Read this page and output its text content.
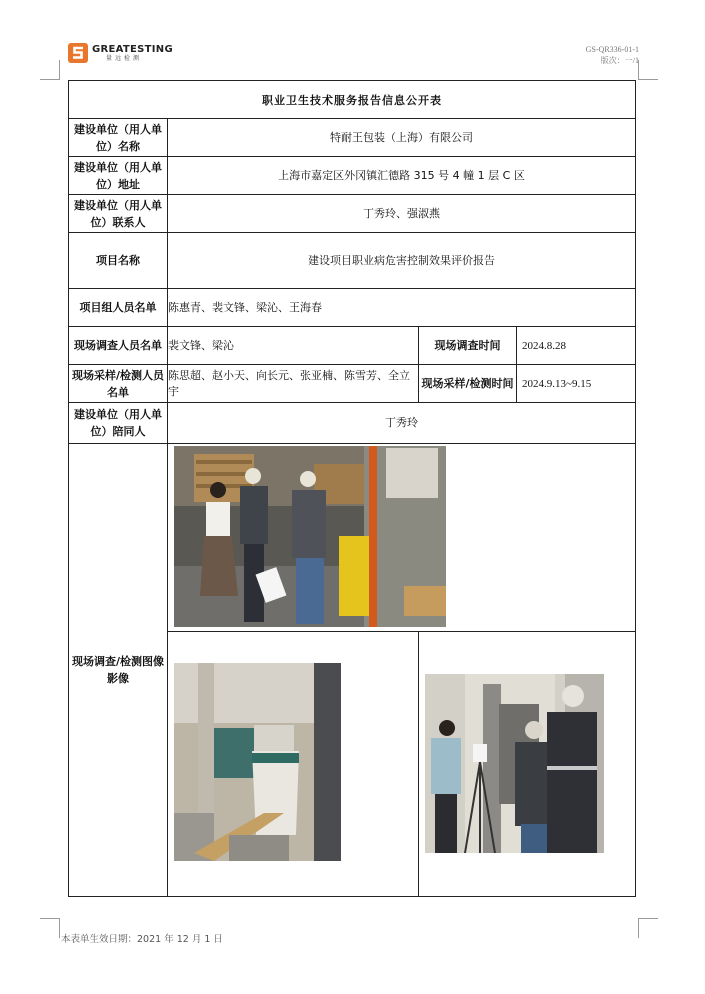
GREATESTING
量远检测
GS-QR336-01-1
版次：一/1
职业卫生技术服务报告信息公开表			
建设单位（用人单位）名称	特耐王包装（上海）有限公司		
建设单位（用人单位）地址	上海市嘉定区外冈镇汇德路 315 号 4 幢 1 层 C 区		
建设单位（用人单位）联系人	丁秀玲、强淑燕		
项目名称	建设项目职业病危害控制效果评价报告		
项目组人员名单	陈惠青、裴文锋、梁沁、王海春		
现场调查人员名单	裴文锋、梁沁	现场调查时间	2024.8.28
现场采样/检测人员名单	陈思超、赵小天、向长元、张亚楠、陈雪芳、全立宇	现场采样/检测时间	2024.9.13~9.15
建设单位（用人单位）陪同人	丁秀玲		
现场调查/检测图像影像	

本表单生效日期：2021 年 12 月 1 日
